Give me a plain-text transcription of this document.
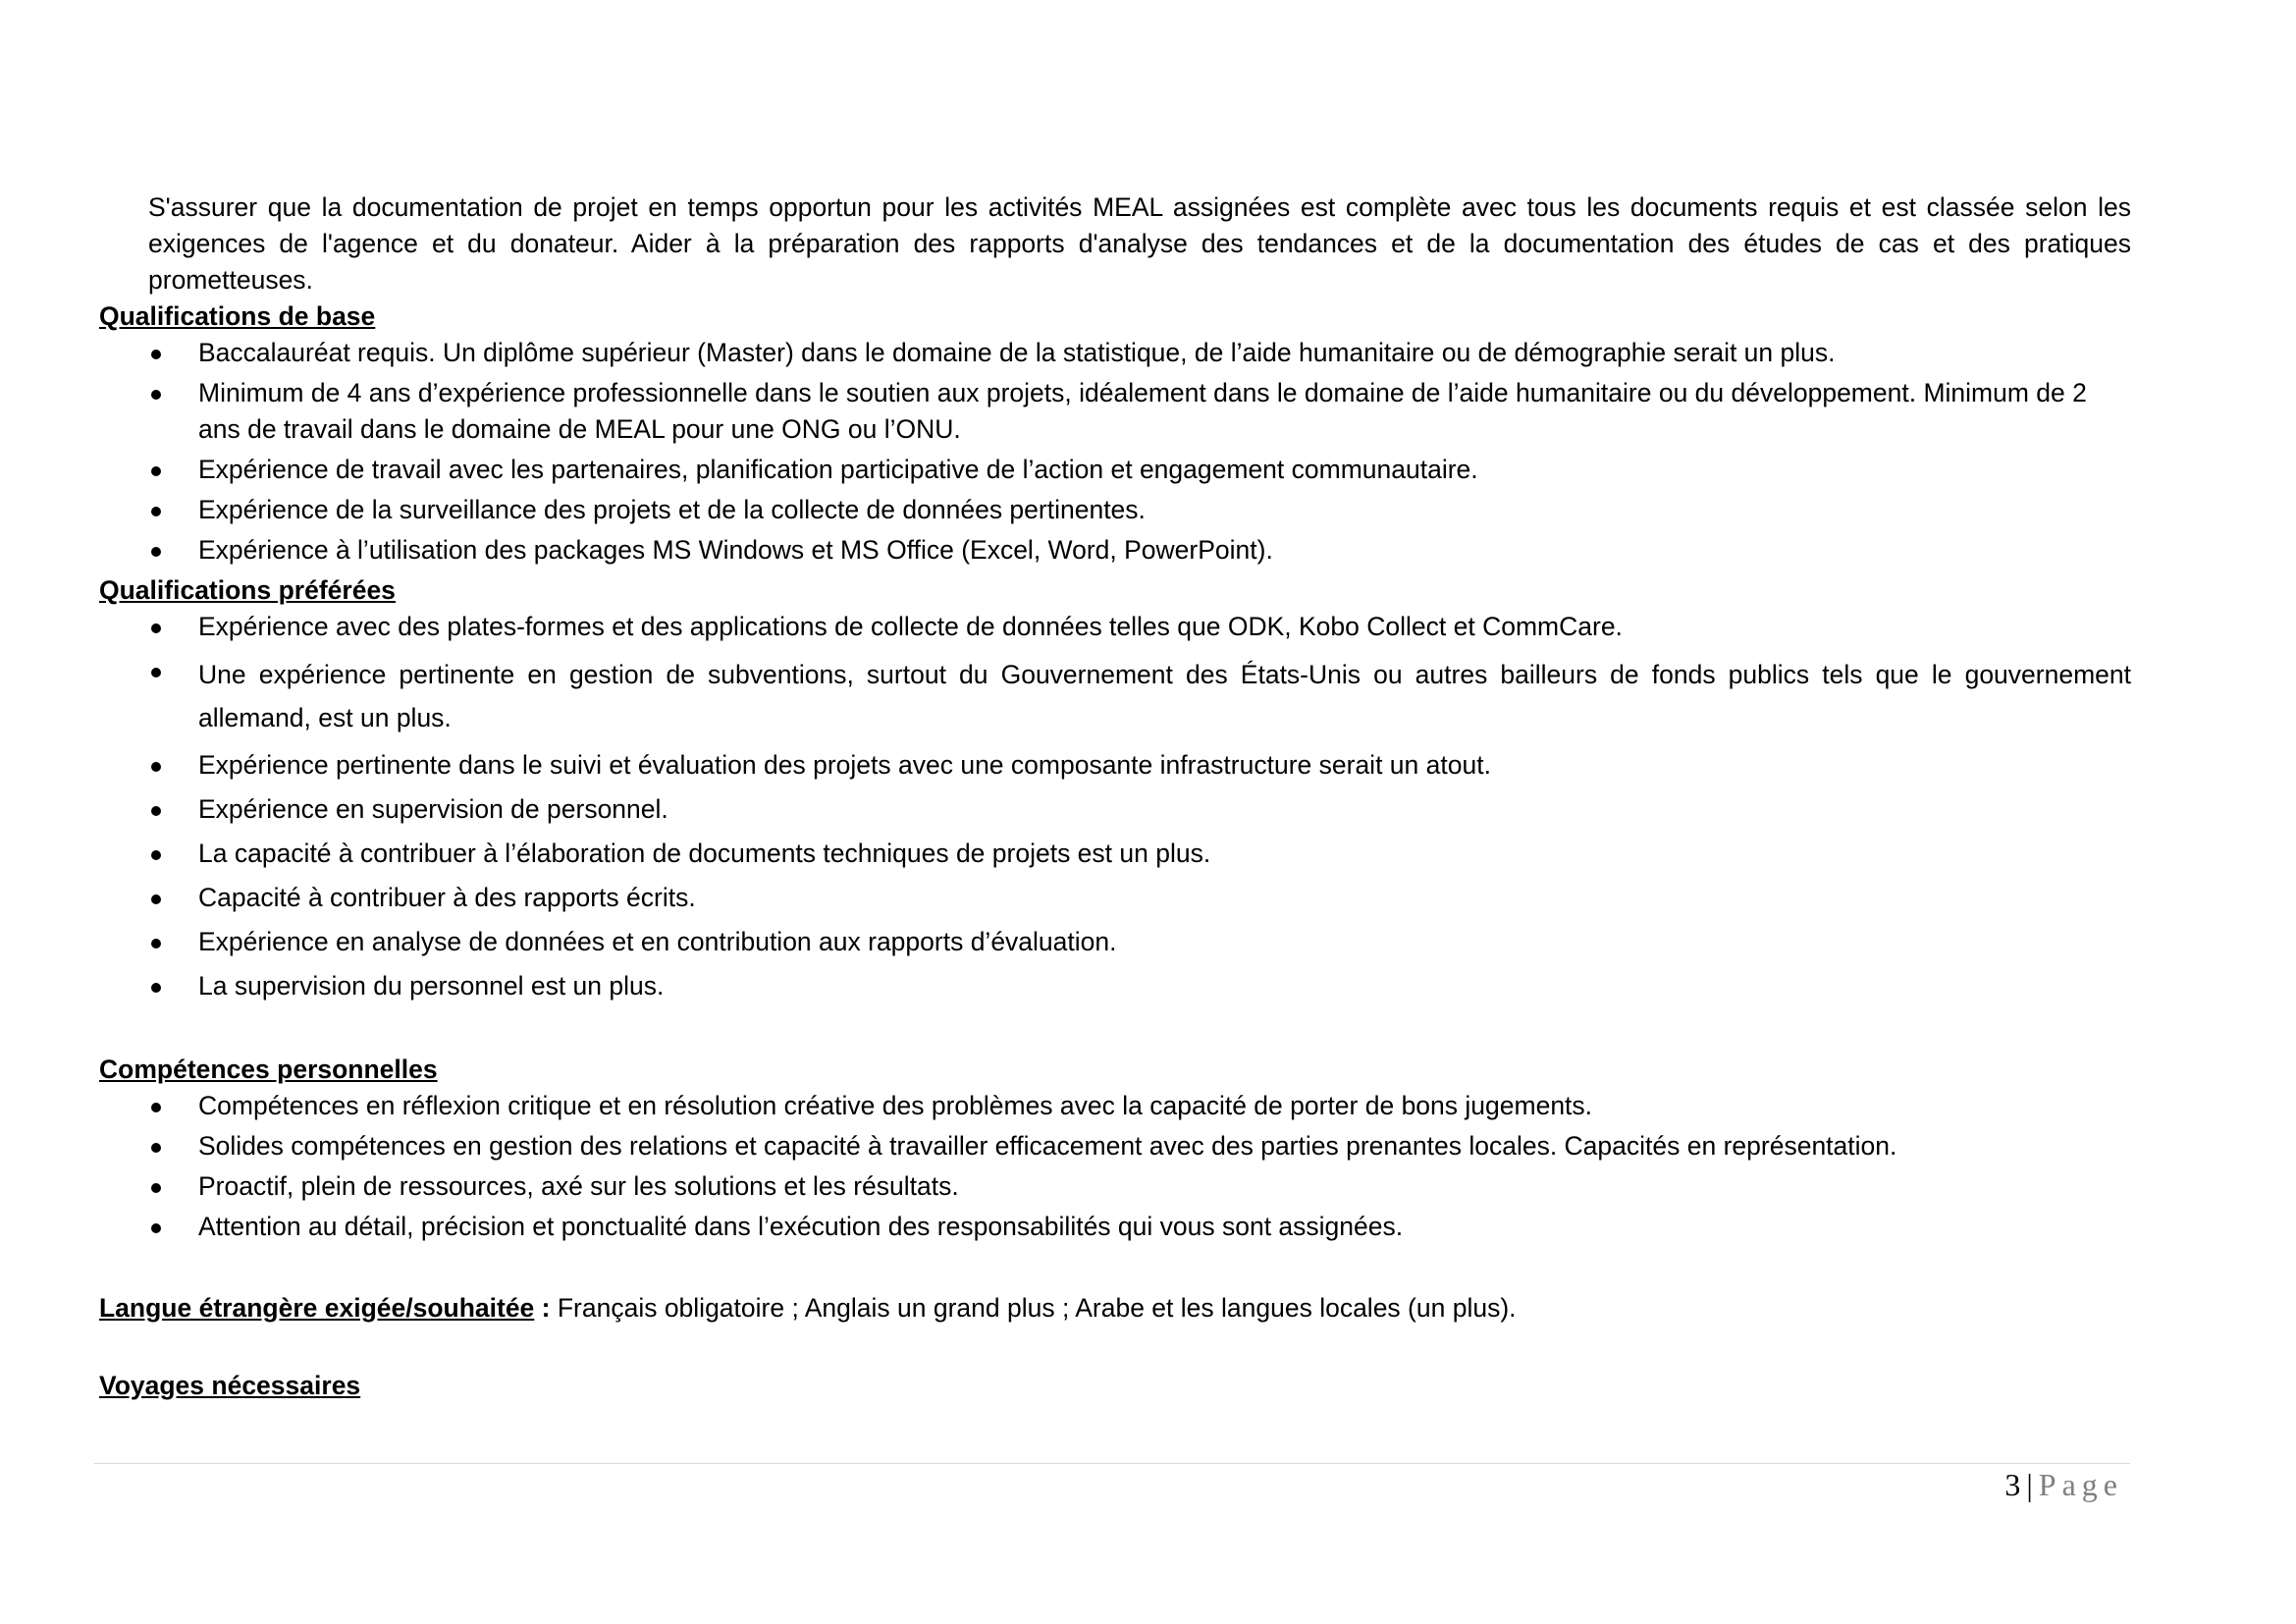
S'assurer que la documentation de projet en temps opportun pour les activités MEAL assignées est complète avec tous les documents requis et est classée selon les exigences de l'agence et du donateur. Aider à la préparation des rapports d'analyse des tendances et de la documentation des études de cas et des pratiques prometteuses.

Qualifications de base

Baccalauréat requis. Un diplôme supérieur (Master) dans le domaine de la statistique, de l’aide humanitaire ou de démographie serait un plus.
Minimum de 4 ans d’expérience professionnelle dans le soutien aux projets, idéalement dans le domaine de l’aide humanitaire ou du développement. Minimum de 2 ans de travail dans le domaine de MEAL pour une ONG ou l’ONU.
Expérience de travail avec les partenaires, planification participative de l’action et engagement communautaire.
Expérience de la surveillance des projets et de la collecte de données pertinentes.
Expérience à l’utilisation des packages MS Windows et MS Office (Excel, Word, PowerPoint).

Qualifications préférées

Expérience avec des plates-formes et des applications de collecte de données telles que ODK, Kobo Collect et CommCare.
Une expérience pertinente en gestion de subventions, surtout du Gouvernement des États-Unis ou autres bailleurs de fonds publics tels que le gouvernement allemand, est un plus.
Expérience pertinente dans le suivi et évaluation des projets avec une composante infrastructure serait un atout.
Expérience en supervision de personnel.
La capacité à contribuer à l’élaboration de documents techniques de projets est un plus.
Capacité à contribuer à des rapports écrits.
Expérience en analyse de données et en contribution aux rapports d’évaluation.
La supervision du personnel est un plus.

Compétences personnelles

Compétences en réflexion critique et en résolution créative des problèmes avec la capacité de porter de bons jugements.
Solides compétences en gestion des relations et capacité à travailler efficacement avec des parties prenantes locales. Capacités en représentation.
Proactif, plein de ressources, axé sur les solutions et les résultats.
Attention au détail, précision et ponctualité dans l’exécution des responsabilités qui vous sont assignées.

Langue étrangère exigée/souhaitée : Français obligatoire ; Anglais un grand plus ; Arabe et les langues locales (un plus).

Voyages nécessaires

3 | Page
